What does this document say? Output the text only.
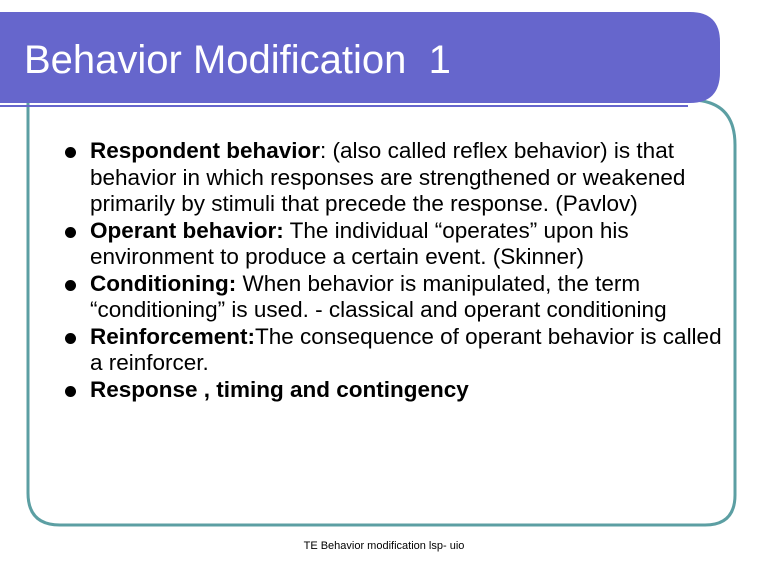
Behavior Modification  1
Respondent behavior: (also called reflex behavior) is that behavior in which responses are strengthened or weakened primarily by stimuli that precede the response. (Pavlov)
Operant behavior: The individual “operates” upon his environment to produce a certain event. (Skinner)
Conditioning: When behavior is manipulated, the term “conditioning” is used. - classical and operant conditioning
Reinforcement:The consequence of operant behavior is called a reinforcer.
Response , timing and contingency
TE Behavior modification lsp- uio
